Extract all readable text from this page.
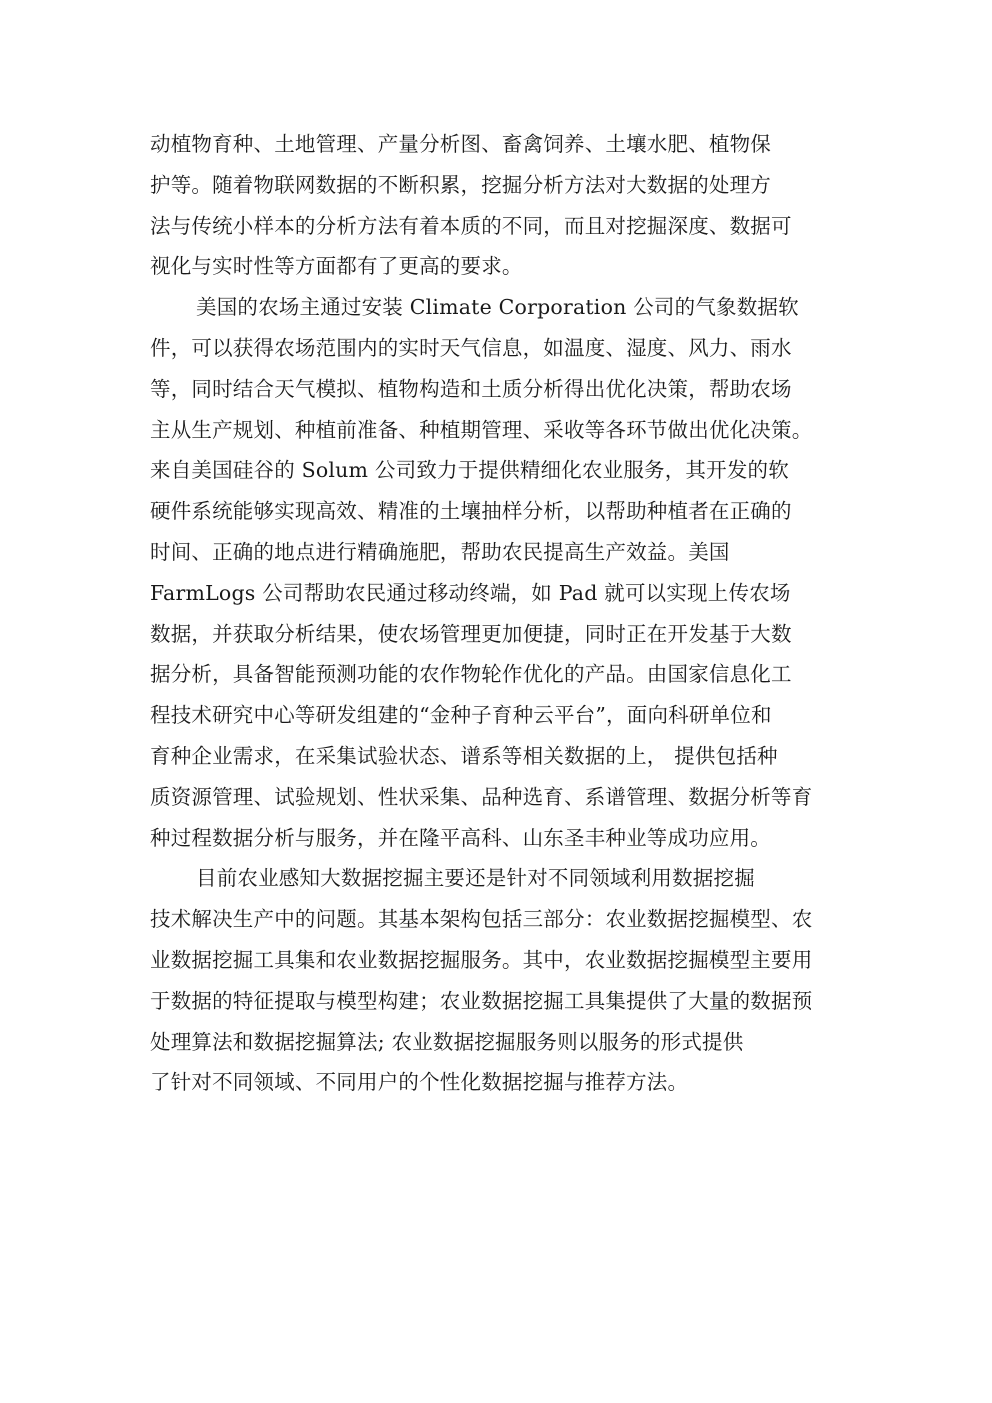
动植物育种、土地管理、产量分析图、畜禽饲养、土壤水肥、植物保
护等。随着物联网数据的不断积累，挖掘分析方法对大数据的处理方
法与传统小样本的分析方法有着本质的不同，而且对挖掘深度、数据可
视化与实时性等方面都有了更高的要求。
美国的农场主通过安装 Climate Corporation 公司的气象数据软
件，可以获得农场范围内的实时天气信息，如温度、湿度、风力、雨水
等，同时结合天气模拟、植物构造和土质分析得出优化决策，帮助农场
主从生产规划、种植前准备、种植期管理、采收等各环节做出优化决策。
来自美国硅谷的 Solum 公司致力于提供精细化农业服务，其开发的软
硬件系统能够实现高效、精准的土壤抽样分析，以帮助种植者在正确的
时间、正确的地点进行精确施肥，帮助农民提高生产效益。美国
FarmLogs 公司帮助农民通过移动终端，如 Pad 就可以实现上传农场
数据，并获取分析结果，使农场管理更加便捷，同时正在开发基于大数
据分析，具备智能预测功能的农作物轮作优化的产品。由国家信息化工
程技术研究中心等研发组建的“金种子育种云平台”，面向科研单位和
育种企业需求，在采集试验状态、谱系等相关数据的上， 提供包括种
质资源管理、试验规划、性状采集、品种选育、系谱管理、数据分析等育
种过程数据分析与服务，并在隆平高科、山东圣丰种业等成功应用。
目前农业感知大数据挖掘主要还是针对不同领域利用数据挖掘
技术解决生产中的问题。其基本架构包括三部分：农业数据挖掘模型、农
业数据挖掘工具集和农业数据挖掘服务。其中，农业数据挖掘模型主要用
于数据的特征提取与模型构建；农业数据挖掘工具集提供了大量的数据预
处理算法和数据挖掘算法; 农业数据挖掘服务则以服务的形式提供
了针对不同领域、不同用户的个性化数据挖掘与推荐方法。
